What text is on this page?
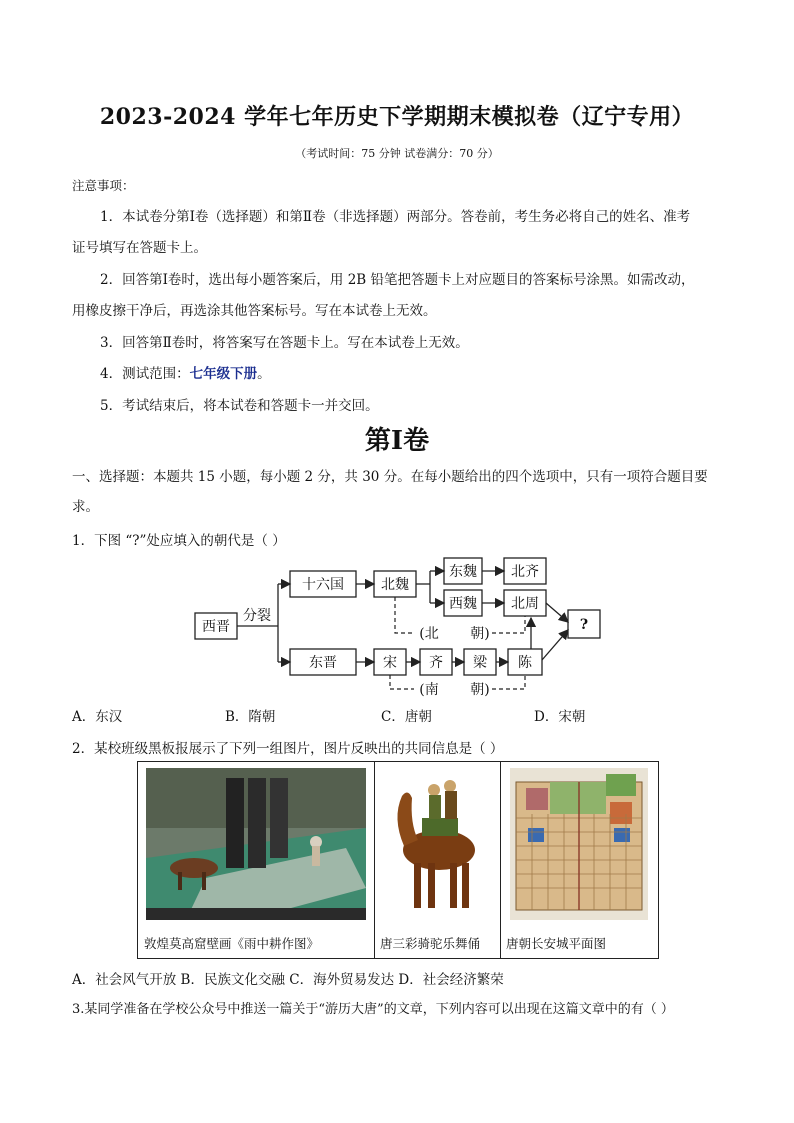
2023-2024 学年七年历史下学期期末模拟卷（辽宁专用）
（考试时间：75 分钟 试卷满分：70 分）
注意事项：
1．本试卷分第Ⅰ卷（选择题）和第Ⅱ卷（非选择题）两部分。答卷前，考生务必将自己的姓名、准考
证号填写在答题卡上。
2．回答第Ⅰ卷时，选出每小题答案后，用 2B 铅笔把答题卡上对应题目的答案标号涂黑。如需改动，
用橡皮擦干净后，再选涂其他答案标号。写在本试卷上无效。
3．回答第Ⅱ卷时，将答案写在答题卡上。写在本试卷上无效。
4．测试范围：七年级下册。
5．考试结束后，将本试卷和答题卡一并交回。
第Ⅰ卷
一、选择题：本题共 15 小题，每小题 2 分，共 30 分。在每小题给出的四个选项中，只有一项符合题目要
求。
1．下图 “?”处应填入的朝代是（ ）
西晋
分裂
十六国	北魏
东魏 北齐
西魏 北周
?
东晋	宋 齐 梁 陈
(北 朝)
(南 朝)
A．东汉	B．隋朝	C．唐朝	D．宋朝
2．某校班级黑板报展示了下列一组图片，图片反映出的共同信息是（ ）
敦煌莫高窟壁画《雨中耕作图》	唐三彩骑驼乐舞俑 唐朝长安城平面图
A．社会风气开放 B．民族文化交融 C．海外贸易发达 D．社会经济繁荣
3.某同学准备在学校公众号中推送一篇关于“游历大唐”的文章，下列内容可以出现在这篇文章中的有（ ）
